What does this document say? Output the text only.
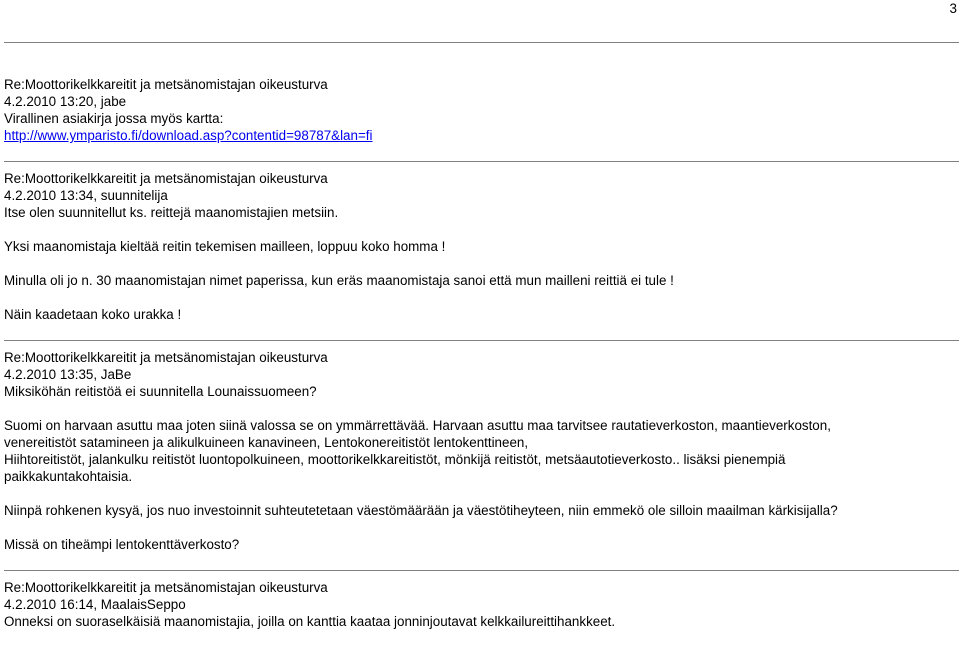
3
Re:Moottorikelkkareitit ja metsänomistajan oikeusturva
4.2.2010 13:20, jabe
Virallinen asiakirja jossa myös kartta:
http://www.ymparisto.fi/download.asp?contentid=98787&lan=fi
Re:Moottorikelkkareitit ja metsänomistajan oikeusturva
4.2.2010 13:34, suunnitelija
Itse olen suunnitellut ks. reittejä maanomistajien metsiin.
Yksi maanomistaja kieltää reitin tekemisen mailleen, loppuu koko homma !
Minulla oli jo n. 30 maanomistajan nimet paperissa, kun eräs maanomistaja sanoi että mun mailleni reittiä ei tule !
Näin kaadetaan koko urakka !
Re:Moottorikelkkareitit ja metsänomistajan oikeusturva
4.2.2010 13:35, JaBe
Miksiköhän reitistöä ei suunnitella Lounaissuomeen?
Suomi on harvaan asuttu maa joten siinä valossa se on ymmärrettävää. Harvaan asuttu maa tarvitsee rautatieverkoston, maantieverkoston,
venereitistöt satamineen ja alikulkuineen kanavineen, Lentokonereitistöt lentokenttineen,
Hiihtoreitistöt, jalankulku reitistöt luontopolkuineen, moottorikelkkareitistöt, mönkijä reitistöt, metsäautotieverkosto.. lisäksi pienempiä
paikkakuntakohtaisia.
Niinpä rohkenen kysyä, jos nuo investoinnit suhteutetetaan väestömäärään ja väestötiheyteen, niin emmekö ole silloin maailman kärkisijalla?
Missä on tiheämpi lentokenttäverkosto?
Re:Moottorikelkkareitit ja metsänomistajan oikeusturva
4.2.2010 16:14, MaalaisSeppo
Onneksi on suoraselkäisiä maanomistajia, joilla on kanttia kaataa jonninjoutavat kelkkailureittihankkeet.
